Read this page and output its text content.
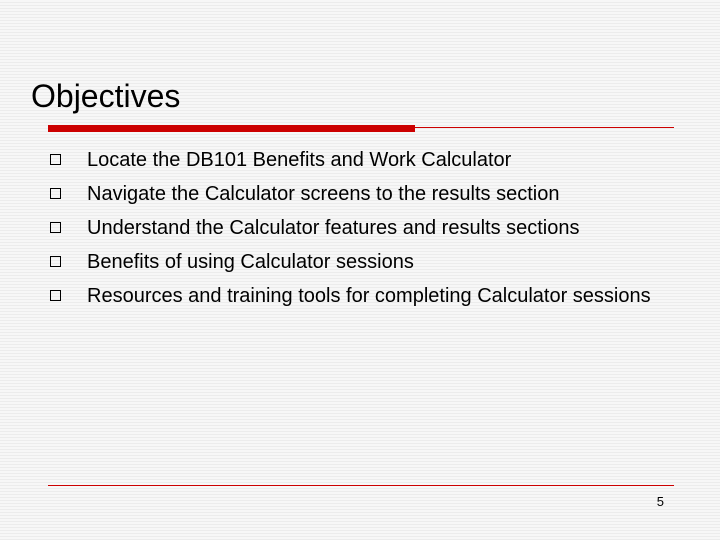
Objectives
Locate the DB101 Benefits and Work Calculator
Navigate the Calculator screens to the results section
Understand the Calculator features and results sections
Benefits of using Calculator sessions
Resources and training tools for completing Calculator sessions
5
